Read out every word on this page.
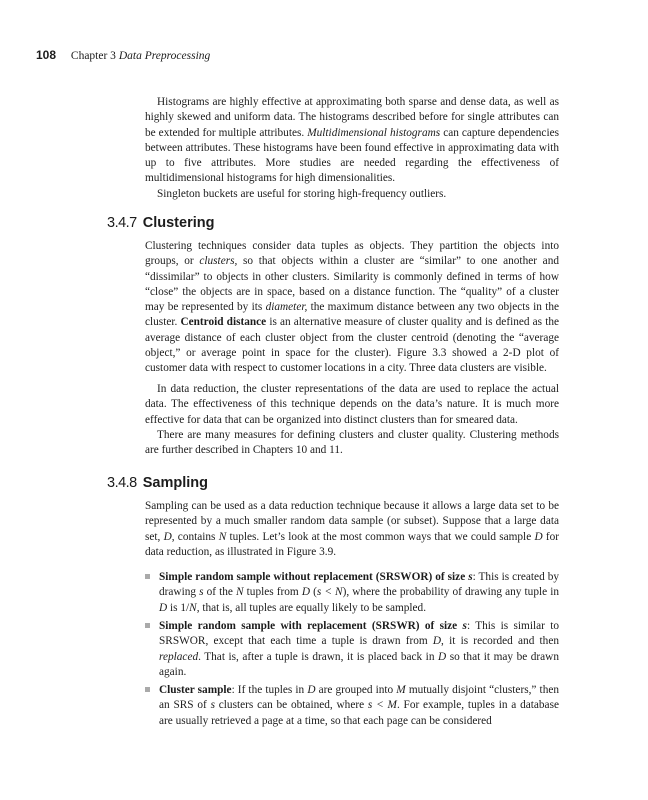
108 Chapter 3 Data Preprocessing

Histograms are highly effective at approximating both sparse and dense data, as well as highly skewed and uniform data. The histograms described before for single attributes can be extended for multiple attributes. Multidimensional histograms can capture dependencies between attributes. These histograms have been found effective in approximating data with up to five attributes. More studies are needed regarding the effectiveness of multidimensional histograms for high dimensionalities.

Singleton buckets are useful for storing high-frequency outliers.

3.4.7 Clustering

Clustering techniques consider data tuples as objects. They partition the objects into groups, or clusters, so that objects within a cluster are “similar” to one another and “dissimilar” to objects in other clusters. Similarity is commonly defined in terms of how “close” the objects are in space, based on a distance function. The “quality” of a cluster may be represented by its diameter, the maximum distance between any two objects in the cluster. Centroid distance is an alternative measure of cluster quality and is defined as the average distance of each cluster object from the cluster centroid (denoting the “average object,” or average point in space for the cluster). Figure 3.3 showed a 2-D plot of customer data with respect to customer locations in a city. Three data clusters are visible.

In data reduction, the cluster representations of the data are used to replace the actual data. The effectiveness of this technique depends on the data’s nature. It is much more effective for data that can be organized into distinct clusters than for smeared data.

There are many measures for defining clusters and cluster quality. Clustering methods are further described in Chapters 10 and 11.

3.4.8 Sampling

Sampling can be used as a data reduction technique because it allows a large data set to be represented by a much smaller random data sample (or subset). Suppose that a large data set, D, contains N tuples. Let’s look at the most common ways that we could sample D for data reduction, as illustrated in Figure 3.9.

Simple random sample without replacement (SRSWOR) of size s: This is created by drawing s of the N tuples from D (s < N), where the probability of drawing any tuple in D is 1/N, that is, all tuples are equally likely to be sampled.
Simple random sample with replacement (SRSWR) of size s: This is similar to SRSWOR, except that each time a tuple is drawn from D, it is recorded and then replaced. That is, after a tuple is drawn, it is placed back in D so that it may be drawn again.
Cluster sample: If the tuples in D are grouped into M mutually disjoint “clusters,” then an SRS of s clusters can be obtained, where s < M. For example, tuples in a database are usually retrieved a page at a time, so that each page can be considered
